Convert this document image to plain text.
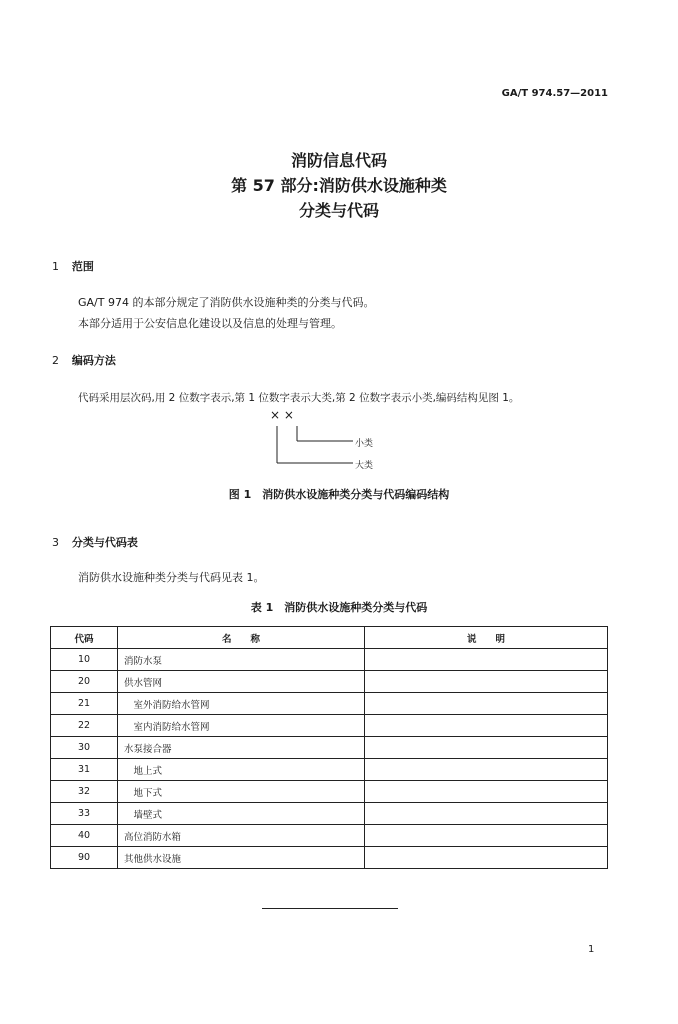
GA/T 974.57—2011
消防信息代码
第 57 部分:消防供水设施种类
分类与代码
1 范围
GA/T 974 的本部分规定了消防供水设施种类的分类与代码。
本部分适用于公安信息化建设以及信息的处理与管理。
2 编码方法
代码采用层次码,用 2 位数字表示,第 1 位数字表示大类,第 2 位数字表示小类,编码结构见图 1。
× ×
小类
大类
图 1　消防供水设施种类分类与代码编码结构
3 分类与代码表
消防供水设施种类分类与代码见表 1。
表 1　消防供水设施种类分类与代码
代码	名　　称	说　　明
10	消防水泵	
20	供水管网	
21	　室外消防给水管网	
22	　室内消防给水管网	
30	水泵接合器	
31	　地上式	
32	　地下式	
33	　墙壁式	
40	高位消防水箱	
90	其他供水设施	
1
